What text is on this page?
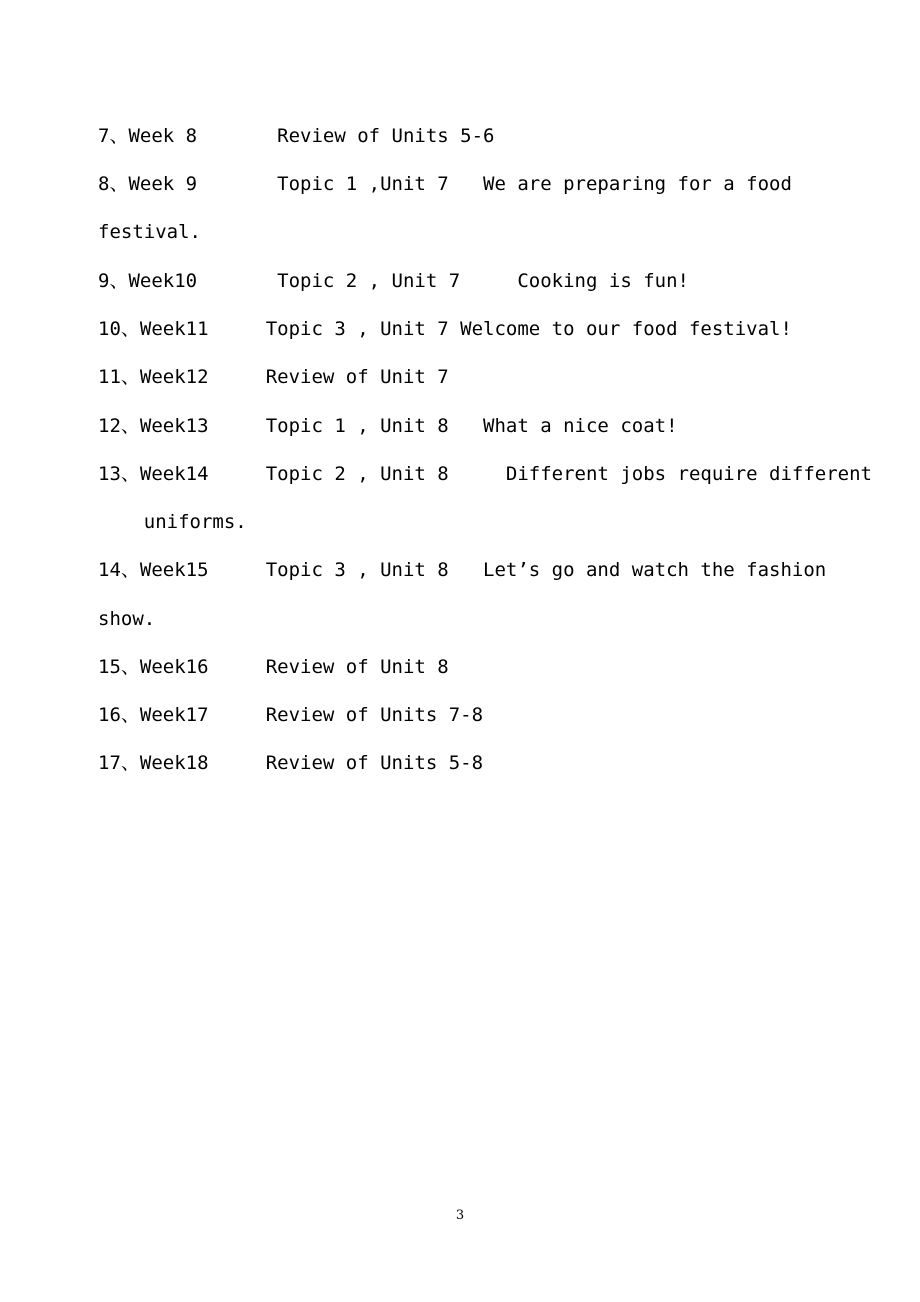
7、Week 8       Review of Units 5-6
8、Week 9       Topic 1 ,Unit 7   We are preparing for a food
festival.
9、Week10       Topic 2 , Unit 7     Cooking is fun!
10、Week11     Topic 3 , Unit 7 Welcome to our food festival!
11、Week12     Review of Unit 7
12、Week13     Topic 1 , Unit 8   What a nice coat!
13、Week14     Topic 2 , Unit 8     Different jobs require different
uniforms.
14、Week15     Topic 3 , Unit 8   Let’s go and watch the fashion
show.
15、Week16     Review of Unit 8
16、Week17     Review of Units 7-8
17、Week18     Review of Units 5-8
3
